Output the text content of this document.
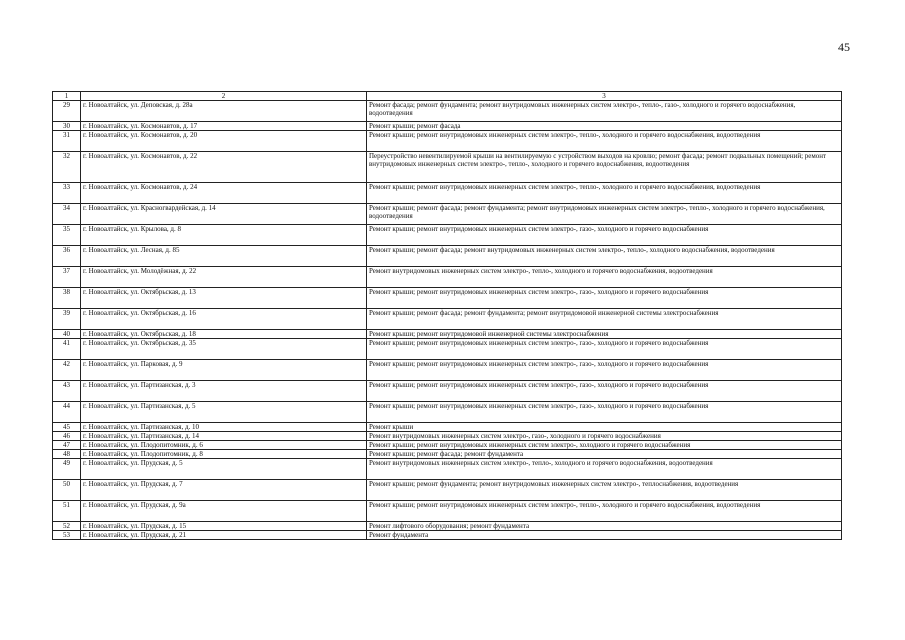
45
1	2	3
29	г. Новоалтайск, ул. Деповская, д. 28а	Ремонт фасада; ремонт фундамента; ремонт внутридомовых инженерных систем электро-, тепло-, газо-, холодного и горячего водоснабжения, водоотведения
30	г. Новоалтайск, ул. Космонавтов, д. 17	Ремонт крыши; ремонт фасада
31	г. Новоалтайск, ул. Космонавтов, д. 20	Ремонт крыши; ремонт внутридомовых инженерных систем электро-, тепло-, холодного и горячего водоснабжения, водоотведения
32	г. Новоалтайск, ул. Космонавтов, д. 22	Переустройство невентилируемой крыши на вентилируемую с устройством выходов на кровлю; ремонт фасада; ремонт подвальных помещений; ремонт внутридомовых инженерных систем электро-, тепло-, холодного и горячего водоснабжения, водоотведения
33	г. Новоалтайск, ул. Космонавтов, д. 24	Ремонт крыши; ремонт внутридомовых инженерных систем электро-, тепло-, холодного и горячего водоснабжения, водоотведения
34	г. Новоалтайск, ул. Красногвардейская, д. 14	Ремонт крыши; ремонт фасада; ремонт фундамента; ремонт внутридомовых инженерных систем электро-, тепло-, холодного и горячего водоснабжения, водоотведения
35	г. Новоалтайск, ул. Крылова, д. 8	Ремонт крыши; ремонт внутридомовых инженерных систем электро-, газо-, холодного и горячего водоснабжения
36	г. Новоалтайск, ул. Лесная, д. 85	Ремонт крыши; ремонт фасада; ремонт внутридомовых инженерных систем электро-, тепло-, холодного водоснабжения, водоотведения
37	г. Новоалтайск, ул. Молодёжная, д. 22	Ремонт внутридомовых инженерных систем электро-, тепло-, холодного и горячего водоснабжения, водоотведения
38	г. Новоалтайск, ул. Октябрьская, д. 13	Ремонт крыши; ремонт внутридомовых инженерных систем электро-, газо-, холодного и горячего водоснабжения
39	г. Новоалтайск, ул. Октябрьская, д. 16	Ремонт крыши; ремонт фасада; ремонт фундамента; ремонт внутридомовой инженерной системы электроснабжения
40	г. Новоалтайск, ул. Октябрьская, д. 18	Ремонт крыши; ремонт внутридомовой инженерной системы электроснабжения
41	г. Новоалтайск, ул. Октябрьская, д. 35	Ремонт крыши; ремонт внутридомовых инженерных систем электро-, газо-, холодного и горячего водоснабжения
42	г. Новоалтайск, ул. Парковая, д. 9	Ремонт крыши; ремонт внутридомовых инженерных систем электро-, газо-, холодного и горячего водоснабжения
43	г. Новоалтайск, ул. Партизанская, д. 3	Ремонт крыши; ремонт внутридомовых инженерных систем электро-, газо-, холодного и горячего водоснабжения
44	г. Новоалтайск, ул. Партизанская, д. 5	Ремонт крыши; ремонт внутридомовых инженерных систем электро-, газо-, холодного и горячего водоснабжения
45	г. Новоалтайск, ул. Партизанская, д. 10	Ремонт крыши
46	г. Новоалтайск, ул. Партизанская, д. 14	Ремонт внутридомовых инженерных систем электро-, газо-, холодного и горячего водоснабжения
47	г. Новоалтайск, ул. Плодопитомник, д. 6	Ремонт крыши; ремонт внутридомовых инженерных систем электро-, холодного и горячего водоснабжения
48	г. Новоалтайск, ул. Плодопитомник, д. 8	Ремонт крыши; ремонт фасада; ремонт фундамента
49	г. Новоалтайск, ул. Прудская, д. 5	Ремонт внутридомовых инженерных систем электро-, тепло-, холодного и горячего водоснабжения, водоотведения
50	г. Новоалтайск, ул. Прудская, д. 7	Ремонт крыши; ремонт фундамента; ремонт внутридомовых инженерных систем электро-, теплоснабжения, водоотведения
51	г. Новоалтайск, ул. Прудская, д. 9а	Ремонт крыши; ремонт внутридомовых инженерных систем электро-, тепло-, холодного и горячего водоснабжения, водоотведения
52	г. Новоалтайск, ул. Прудская, д. 15	Ремонт лифтового оборудования; ремонт фундамента
53	г. Новоалтайск, ул. Прудская, д. 21	Ремонт фундамента
